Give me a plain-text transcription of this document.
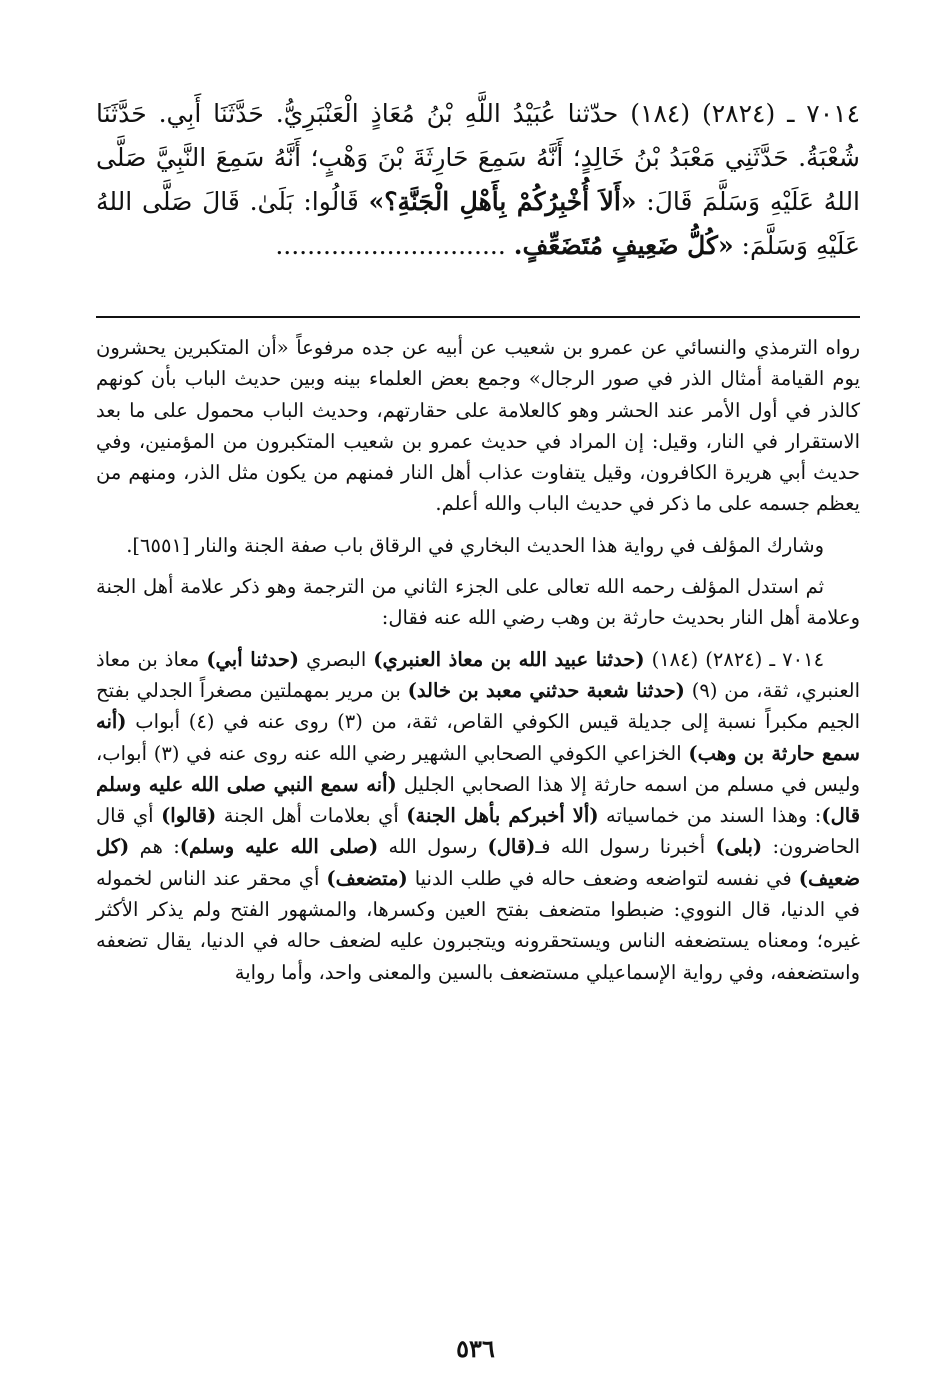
٧٠١٤ ـ (٢٨٢٤) (١٨٤) حدّثنا عُبَيْدُ اللَّهِ بْنُ مُعَاذٍ الْعَنْبَرِيُّ. حَدَّثَنَا أَبِي. حَدَّثَنَا شُعْبَةُ. حَدَّثَنِي مَعْبَدُ بْنُ خَالِدٍ؛ أَنَّهُ سَمِعَ حَارِثَةَ بْنَ وَهْبٍ؛ أَنَّهُ سَمِعَ النَّبِيَّ صَلَّى اللهُ عَلَيْهِ وَسَلَّمَ قَالَ: «أَلاَ أُخْبِرُكُمْ بِأَهْلِ الْجَنَّةِ؟» قَالُوا: بَلَىٰ. قَالَ صَلَّى اللهُ عَلَيْهِ وَسَلَّمَ: «كُلُّ ضَعِيفٍ مُتَضَعِّفٍ. .............................

رواه الترمذي والنسائي عن عمرو بن شعيب عن أبيه عن جده مرفوعاً «أن المتكبرين يحشرون يوم القيامة أمثال الذر في صور الرجال» وجمع بعض العلماء بينه وبين حديث الباب بأن كونهم كالذر في أول الأمر عند الحشر وهو كالعلامة على حقارتهم، وحديث الباب محمول على ما بعد الاستقرار في النار، وقيل: إن المراد في حديث عمرو بن شعيب المتكبرون من المؤمنين، وفي حديث أبي هريرة الكافرون، وقيل يتفاوت عذاب أهل النار فمنهم من يكون مثل الذر، ومنهم من يعظم جسمه على ما ذكر في حديث الباب والله أعلم.

وشارك المؤلف في رواية هذا الحديث البخاري في الرقاق باب صفة الجنة والنار [٦٥٥١].

ثم استدل المؤلف رحمه الله تعالى على الجزء الثاني من الترجمة وهو ذكر علامة أهل الجنة وعلامة أهل النار بحديث حارثة بن وهب رضي الله عنه فقال:

٧٠١٤ ـ (٢٨٢٤) (١٨٤) (حدثنا عبيد الله بن معاذ العنبري) البصري (حدثنا أبي) معاذ بن معاذ العنبري، ثقة، من (٩) (حدثنا شعبة حدثني معبد بن خالد) بن مرير بمهملتين مصغراً الجدلي بفتح الجيم مكبراً نسبة إلى جديلة قيس الكوفي القاص، ثقة، من (٣) روى عنه في (٤) أبواب (أنه سمع حارثة بن وهب) الخزاعي الكوفي الصحابي الشهير رضي الله عنه روى عنه في (٣) أبواب، وليس في مسلم من اسمه حارثة إلا هذا الصحابي الجليل (أنه سمع النبي صلى الله عليه وسلم قال): وهذا السند من خماسياته (ألا أخبركم بأهل الجنة) أي بعلامات أهل الجنة (قالوا) أي قال الحاضرون: (بلى) أخبرنا رسول الله فـ(قال) رسول الله (صلى الله عليه وسلم): هم (كل ضعيف) في نفسه لتواضعه وضعف حاله في طلب الدنيا (متضعف) أي محقر عند الناس لخموله في الدنيا، قال النووي: ضبطوا متضعف بفتح العين وكسرها، والمشهور الفتح ولم يذكر الأكثر غيره؛ ومعناه يستضعفه الناس ويستحقرونه ويتجبرون عليه لضعف حاله في الدنيا، يقال تضعفه واستضعفه، وفي رواية الإسماعيلي مستضعف بالسين والمعنى واحد، وأما رواية

٥٣٦
